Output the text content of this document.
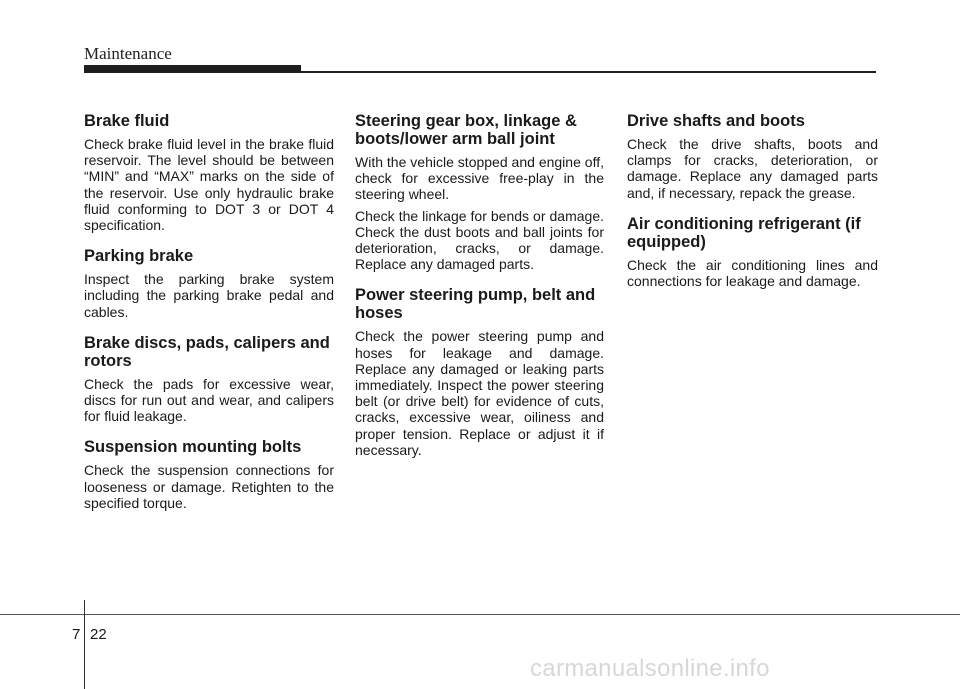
Maintenance
Brake fluid

Check brake fluid level in the brake fluid reservoir. The level should be between “MIN” and “MAX” marks on the side of the reservoir. Use only hydraulic brake fluid conforming to DOT 3 or DOT 4 specification.

Parking brake

Inspect the parking brake system including the parking brake pedal and cables.

Brake discs, pads, calipers and rotors

Check the pads for excessive wear, discs for run out and wear, and calipers for fluid leakage.

Suspension mounting bolts

Check the suspension connections for looseness or damage. Retighten to the specified torque.

Steering gear box, linkage & boots/lower arm ball joint

With the vehicle stopped and engine off, check for excessive free-play in the steering wheel.

Check the linkage for bends or damage. Check the dust boots and ball joints for deterioration, cracks, or damage. Replace any damaged parts.

Power steering pump, belt and hoses

Check the power steering pump and hoses for leakage and damage. Replace any damaged or leaking parts immediately. Inspect the power steering belt (or drive belt) for evidence of cuts, cracks, excessive wear, oiliness and proper tension. Replace or adjust it if necessary.

Drive shafts and boots

Check the drive shafts, boots and clamps for cracks, deterioration, or damage. Replace any damaged parts and, if necessary, repack the grease.

Air conditioning refrigerant (if equipped)

Check the air conditioning lines and connections for leakage and damage.

7 22
carmanualsonline.info
